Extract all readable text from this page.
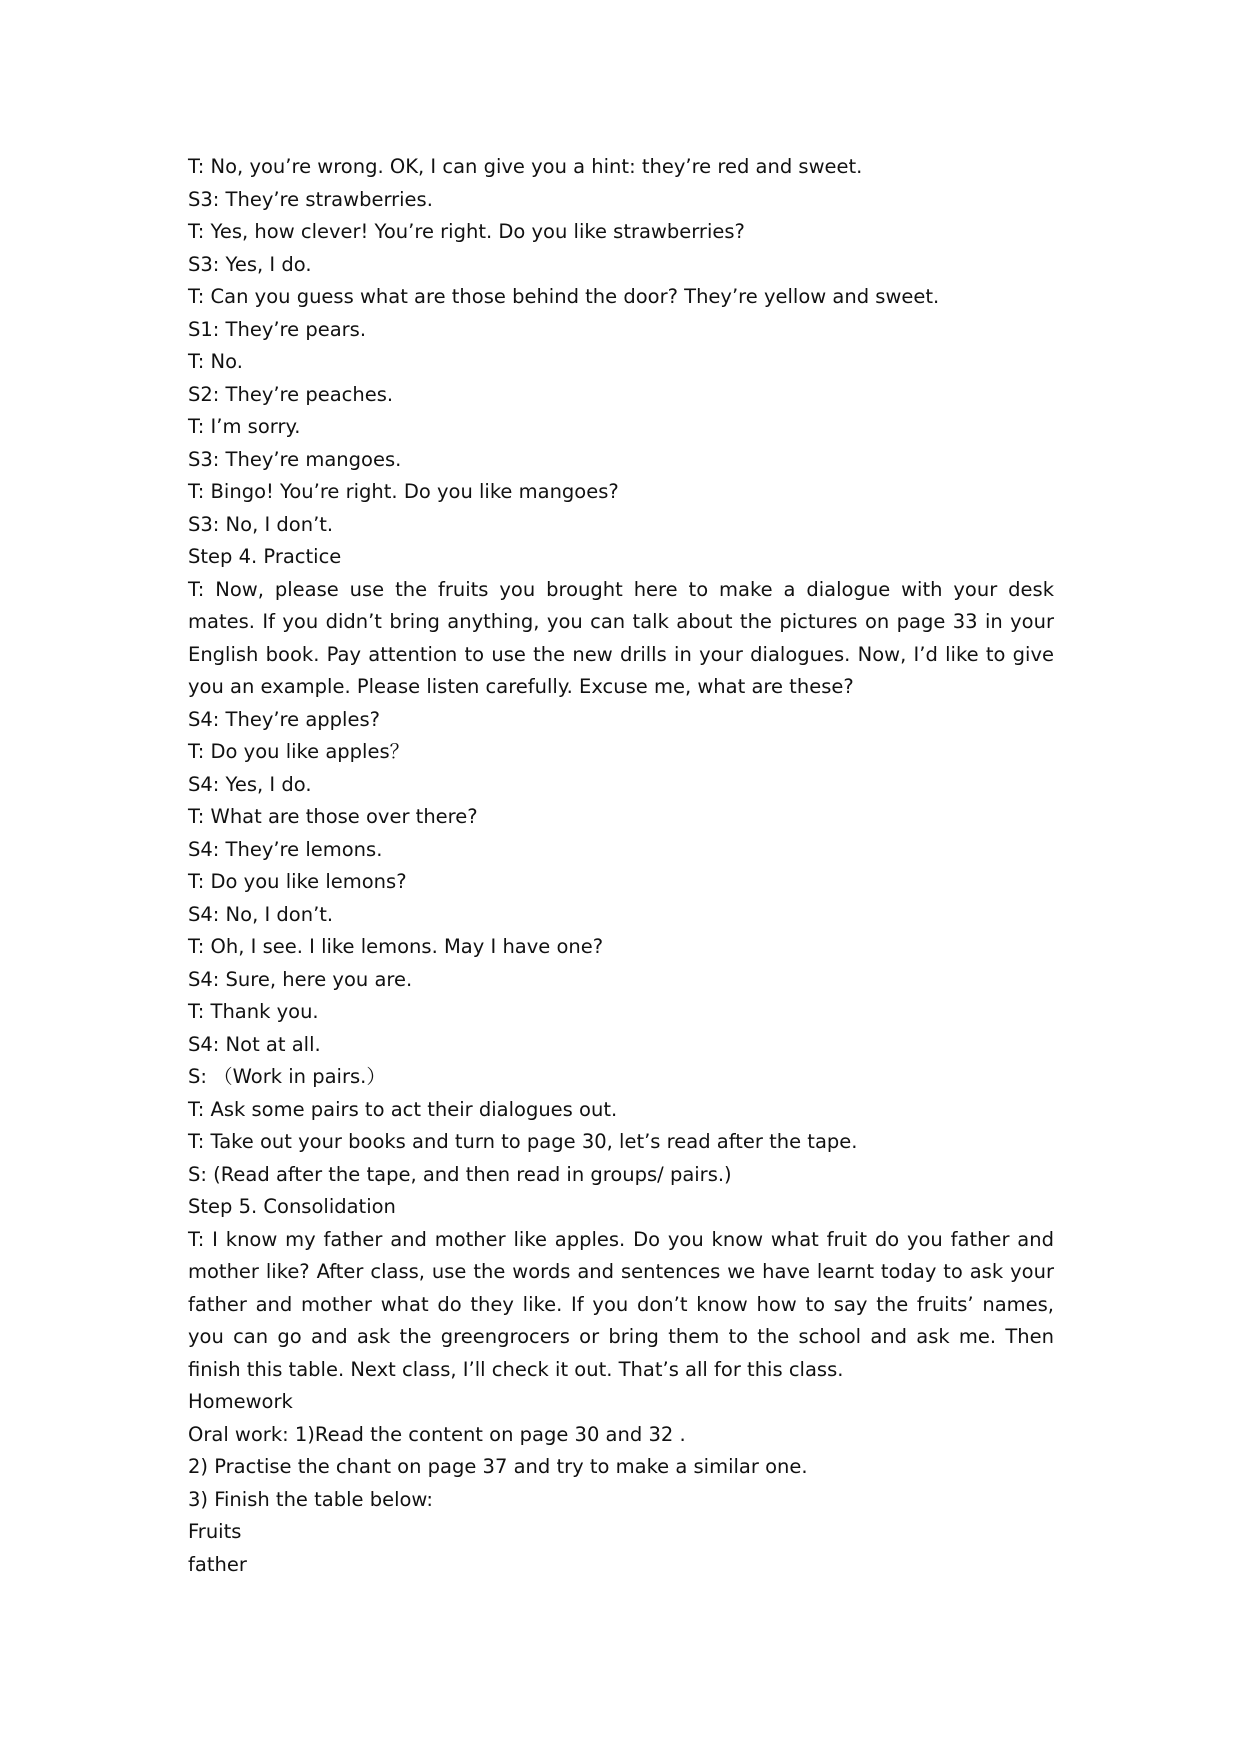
T: No, you’re wrong. OK, I can give you a hint: they’re red and sweet.
S3: They’re strawberries.
T: Yes, how clever! You’re right. Do you like strawberries?
S3: Yes, I do.
T: Can you guess what are those behind the door? They’re yellow and sweet.
S1: They’re pears.
T: No.
S2: They’re peaches.
T: I’m sorry.
S3: They’re mangoes.
T: Bingo! You’re right. Do you like mangoes?
S3: No, I don’t.
Step 4. Practice
T: Now, please use the fruits you brought here to make a dialogue with your desk mates. If you didn’t bring anything, you can talk about the pictures on page 33 in your English book. Pay attention to use the new drills in your dialogues. Now, I’d like to give you an example. Please listen carefully. Excuse me, what are these?
S4: They’re apples?
T: Do you like apples？
S4: Yes, I do.
T: What are those over there?
S4: They’re lemons.
T: Do you like lemons?
S4: No, I don’t.
T: Oh, I see. I like lemons. May I have one?
S4: Sure, here you are.
T: Thank you.
S4: Not at all.
S: （Work in pairs.）
T: Ask some pairs to act their dialogues out.
T: Take out your books and turn to page 30, let’s read after the tape.
S: (Read after the tape, and then read in groups/ pairs.)
Step 5. Consolidation
T: I know my father and mother like apples. Do you know what fruit do you father and mother like? After class, use the words and sentences we have learnt today to ask your father and mother what do they like. If you don’t know how to say the fruits’ names, you can go and ask the greengrocers or bring them to the school and ask me. Then finish this table. Next class, I’ll check it out. That’s all for this class.
Homework
Oral work: 1)Read the content on page 30 and 32 .
2) Practise the chant on page 37 and try to make a similar one.
3) Finish the table below:
Fruits
father
